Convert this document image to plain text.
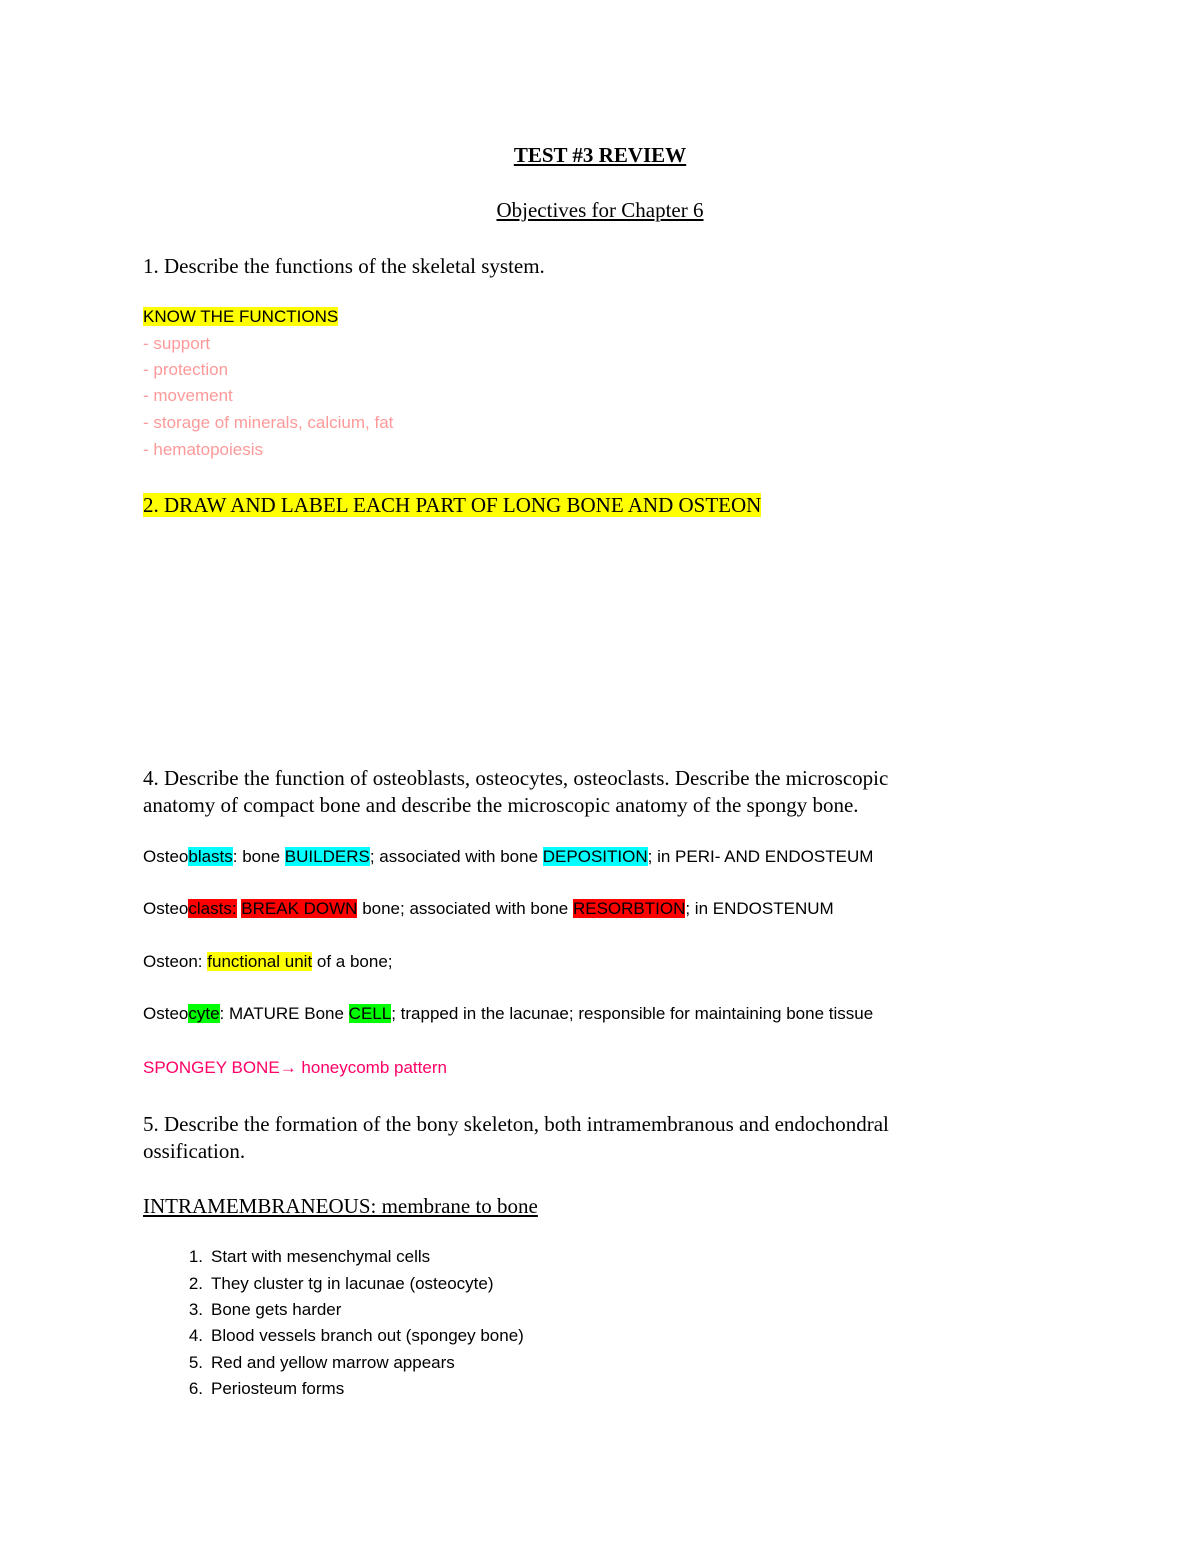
TEST #3 REVIEW
Objectives for Chapter 6
1. Describe the functions of the skeletal system.
KNOW THE FUNCTIONS
- support
- protection
- movement
- storage of minerals, calcium, fat
- hematopoiesis
2. DRAW AND LABEL EACH PART OF LONG BONE AND OSTEON
4. Describe the function of osteoblasts, osteocytes, osteoclasts. Describe the microscopic
anatomy of compact bone and describe the microscopic anatomy of the spongy bone.
Osteoblasts: bone BUILDERS; associated with bone DEPOSITION; in PERI- AND ENDOSTEUM
Osteoclasts: BREAK DOWN bone; associated with bone RESORBTION; in ENDOSTENUM
Osteon: functional unit of a bone;
Osteocyte: MATURE Bone CELL; trapped in the lacunae; responsible for maintaining bone tissue
SPONGEY BONE→ honeycomb pattern
5. Describe the formation of the bony skeleton, both intramembranous and endochondral
ossification.
INTRAMEMBRANEOUS: membrane to bone
1. Start with mesenchymal cells
2. They cluster tg in lacunae (osteocyte)
3. Bone gets harder
4. Blood vessels branch out (spongey bone)
5. Red and yellow marrow appears
6. Periosteum forms
